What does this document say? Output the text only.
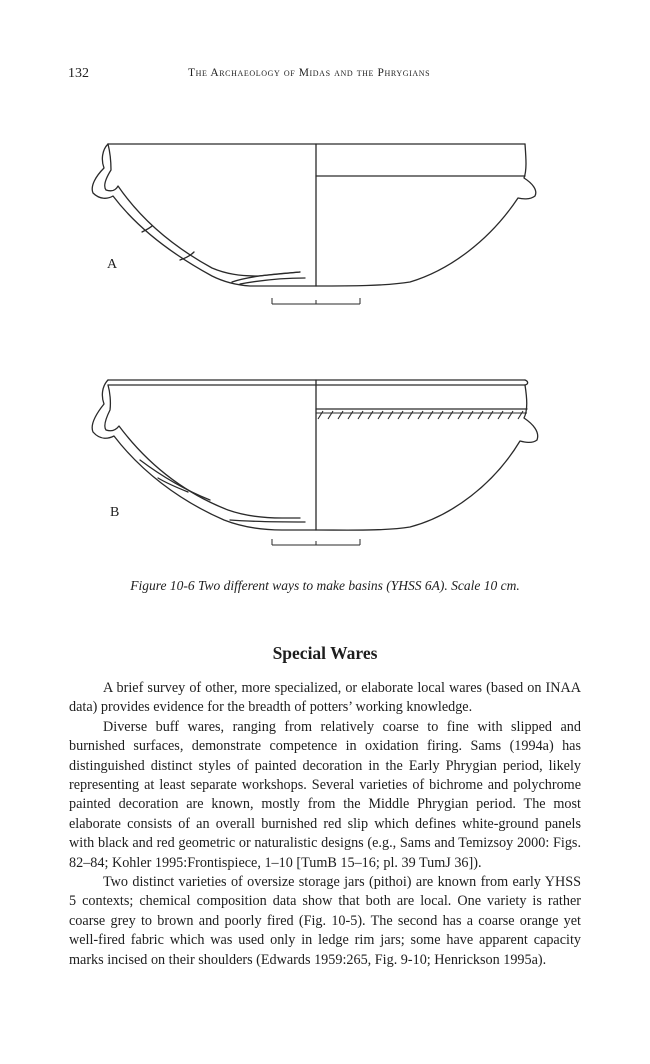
132	The Archaeology of Midas and the Phrygians
A
B
Figure 10-6 Two different ways to make basins (YHSS 6A). Scale 10 cm.
Special Wares

A brief survey of other, more specialized, or elaborate local wares (based on INAA data) provides evidence for the breadth of potters’ working knowledge.

Diverse buff wares, ranging from relatively coarse to fine with slipped and burnished surfaces, demonstrate competence in oxidation firing. Sams (1994a) has distinguished distinct styles of painted decoration in the Early Phrygian period, likely representing at least separate workshops. Several varieties of bichrome and polychrome painted decoration are known, mostly from the Middle Phrygian period. The most elaborate consists of an overall burnished red slip which defines white-ground panels with black and red geometric or naturalistic designs (e.g., Sams and Temizsoy 2000: Figs. 82–84; Kohler 1995:Frontispiece, 1–10 [TumB 15–16; pl. 39 TumJ 36]).

Two distinct varieties of oversize storage jars (pithoi) are known from early YHSS 5 contexts; chemical composition data show that both are local. One variety is rather coarse grey to brown and poorly fired (Fig. 10-5). The second has a coarse orange yet well-fired fabric which was used only in ledge rim jars; some have apparent capacity marks incised on their shoulders (Edwards 1959:265, Fig. 9-10; Henrickson 1995a).
